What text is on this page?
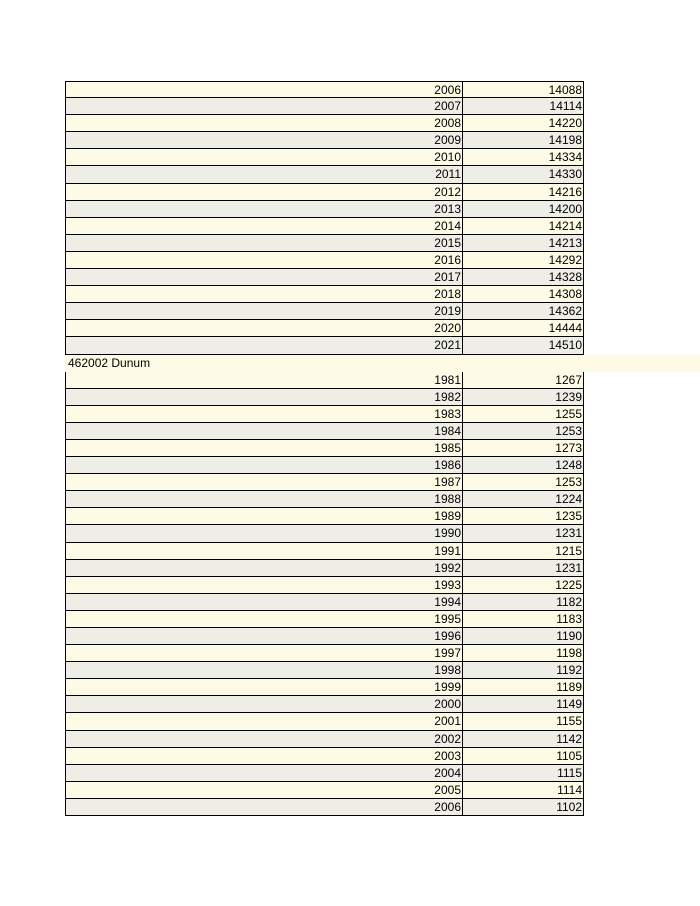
2006	14088
2007	14114
2008	14220
2009	14198
2010	14334
2011	14330
2012	14216
2013	14200
2014	14214
2015	14213
2016	14292
2017	14328
2018	14308
2019	14362
2020	14444
2021	14510
462002 Dunum
1981	1267
1982	1239
1983	1255
1984	1253
1985	1273
1986	1248
1987	1253
1988	1224
1989	1235
1990	1231
1991	1215
1992	1231
1993	1225
1994	1182
1995	1183
1996	1190
1997	1198
1998	1192
1999	1189
2000	1149
2001	1155
2002	1142
2003	1105
2004	1115
2005	1114
2006	1102
